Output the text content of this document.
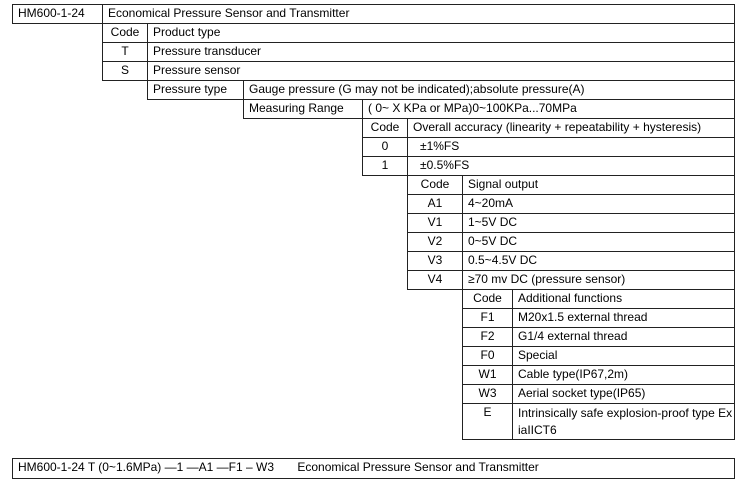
HM600-1-24	Economical Pressure Sensor and Transmitter
Code	Product type
T	Pressure transducer
S	Pressure sensor
Pressure type	Gauge pressure (G may not be indicated);absolute pressure(A)
Measuring Range	( 0~ X KPa or MPa)0~100KPa...70MPa
Code	Overall accuracy (linearity + repeatability + hysteresis)
0	±1%FS
1	±0.5%FS
Code	Signal output
A1	4~20mA
V1	1~5V DC
V2	0~5V DC
V3	0.5~4.5V DC
V4	≥70 mv DC (pressure sensor)
Code	Additional functions
F1	M20x1.5 external thread
F2	G1/4 external thread
F0	Special
W1	Cable type(IP67,2m)
W3	Aerial socket type(IP65)
E	Intrinsically safe explosion-proof type Ex iaIICT6
HM600-1-24 T (0~1.6MPa) —1 —A1 —F1 – W3 Economical Pressure Sensor and Transmitter
